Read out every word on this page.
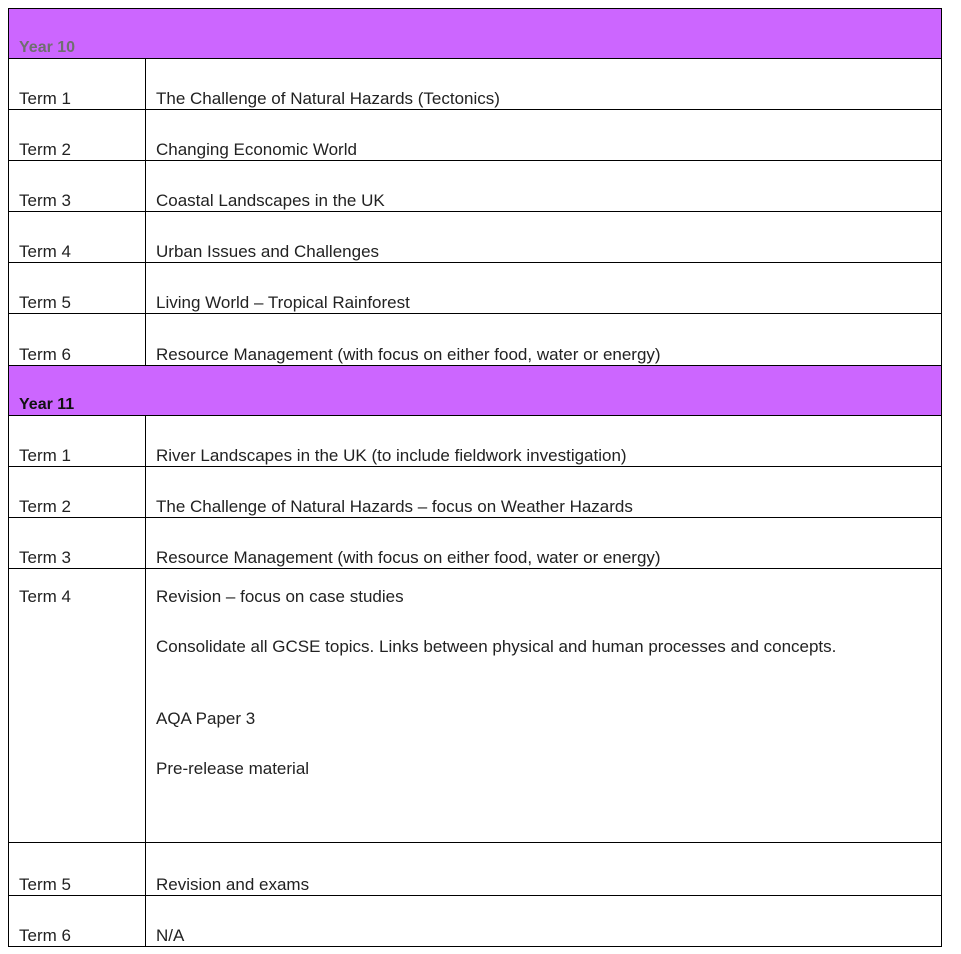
Year 10
Term 1	The Challenge of Natural Hazards (Tectonics)
Term 2	Changing Economic World
Term 3	Coastal Landscapes in the UK
Term 4	Urban Issues and Challenges
Term 5	Living World – Tropical Rainforest
Term 6	Resource Management (with focus on either food, water or energy)
Year 11
Term 1	River Landscapes in the UK (to include fieldwork investigation)
Term 2	The Challenge of Natural Hazards – focus on Weather Hazards
Term 3	Resource Management (with focus on either food, water or energy)
Term 4	Revision – focus on case studies
Consolidate all GCSE topics. Links between physical and human processes and concepts.
AQA Paper 3
Pre-release material
Term 5	Revision and exams
Term 6	N/A
